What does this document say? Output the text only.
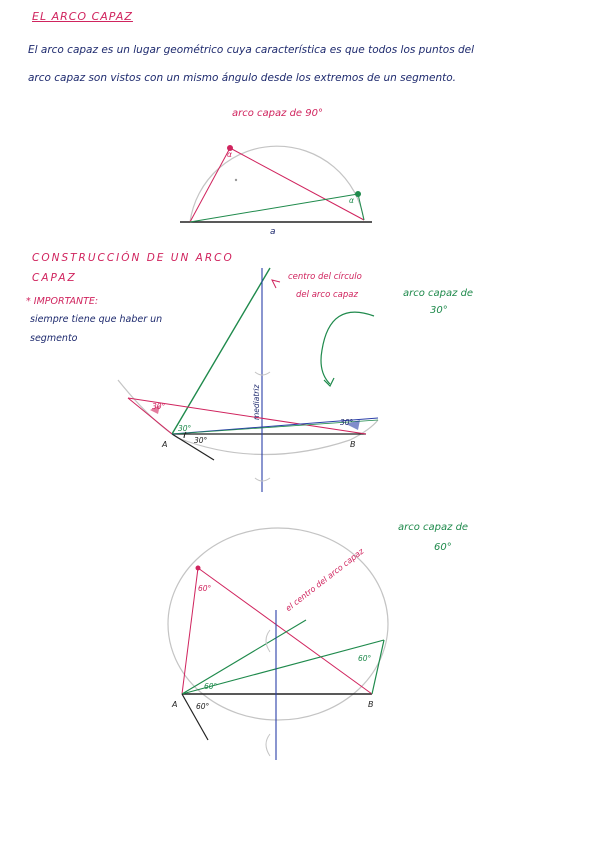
EL ARCO CAPAZ
El arco capaz es un lugar geométrico cuya característica es que todos los puntos del
arco capaz son vistos con un mismo ángulo desde los extremos de un segmento.
arco capaz de 90°
a
α
α
CONSTRUCCIÓN DE UN ARCO
CAPAZ
* IMPORTANTE:
siempre tiene que haber un
segmento
centro del círculo
del arco capaz	arco capaz de
30°
A	B
30°
30°
30°
30°
mediatriz
el centro del arco capaz
arco capaz de
60°
A	B
60°
60°
60°
60°
